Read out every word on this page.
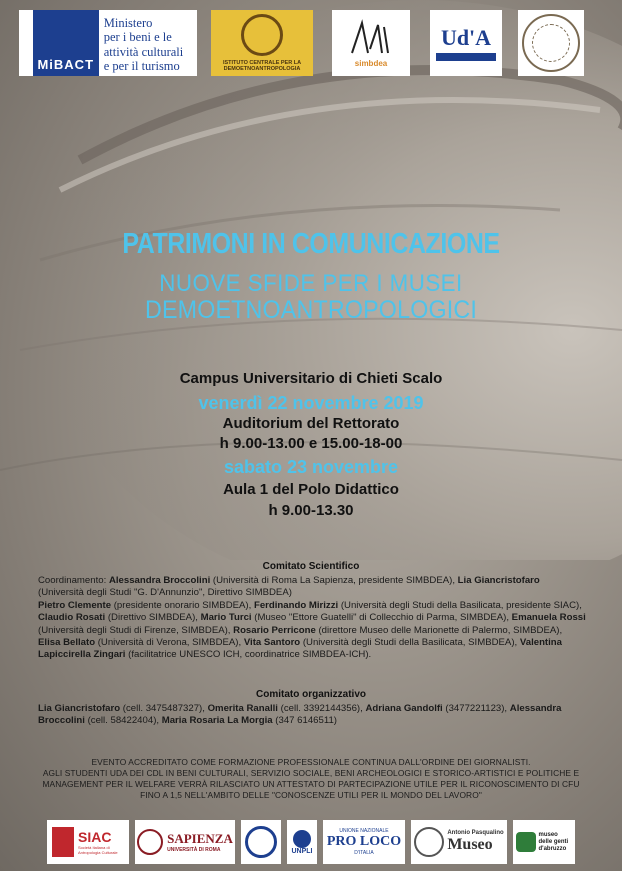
MiBACT
Ministero
per i beni e le
attività culturali
e per il turismo	ISTITUTO CENTRALE PER LA
DEMOETNOANTROPOLOGIA
simbdea
Ud'A
PATRIMONI IN COMUNICAZIONE
NUOVE SFIDE PER I MUSEI
DEMOETNOANTROPOLOGICI
Campus Universitario di Chieti Scalo
venerdì 22 novembre 2019
Auditorium del Rettorato
h 9.00-13.00 e 15.00-18-00
sabato 23 novembre
Aula 1 del Polo Didattico
h 9.00-13.30
Comitato Scientifico
Coordinamento: Alessandra Broccolini (Università di Roma La Sapienza, presidente SIMBDEA), Lia Giancristofaro (Università degli Studi "G. D'Annunzio", Direttivo SIMBDEA)
Pietro Clemente (presidente onorario SIMBDEA), Ferdinando Mirizzi (Università degli Studi della Basilicata, presidente SIAC), Claudio Rosati (Direttivo SIMBDEA), Mario Turci (Museo "Ettore Guatelli" di Collecchio di Parma, SIMBDEA), Emanuela Rossi (Università degli Studi di Firenze, SIMBDEA), Rosario Perricone (direttore Museo delle Marionette di Palermo, SIMBDEA), Elisa Bellato (Università di Verona, SIMBDEA), Vita Santoro (Università degli Studi della Basilicata, SIMBDEA), Valentina Lapiccirella Zingari (facilitatrice UNESCO ICH, coordinatrice SIMBDEA-ICH).
Comitato organizzativo
Lia Giancristofaro (cell. 3475487327), Omerita Ranalli (cell. 3392144356), Adriana Gandolfi (3477221123), Alessandra Broccolini (cell. 58422404), Maria Rosaria La Morgia (347 6146511)
EVENTO ACCREDITATO COME FORMAZIONE PROFESSIONALE CONTINUA DALL'ORDINE DEI GIORNALISTI.
AGLI STUDENTI UDA DEI CDL IN BENI CULTURALI, SERVIZIO SOCIALE, BENI ARCHEOLOGICI E STORICO-ARTISTICI E POLITICHE E
MANAGEMENT PER IL WELFARE VERRÀ RILASCIATO UN ATTESTATO DI PARTECIPAZIONE UTILE PER IL RICONOSCIMENTO DI CFU
FINO A 1,5 NELL'AMBITO DELLE "CONOSCENZE UTILI PER IL MONDO DEL LAVORO"
SIAC
Società Italiana di Antropologia Culturale
SAPIENZA
UNIVERSITÀ DI ROMA	UNPLI
UNIONE NAZIONALE
PRO LOCO
D'ITALIA
Antonio Pasqualino
Museo
museo delle genti d'abruzzo
